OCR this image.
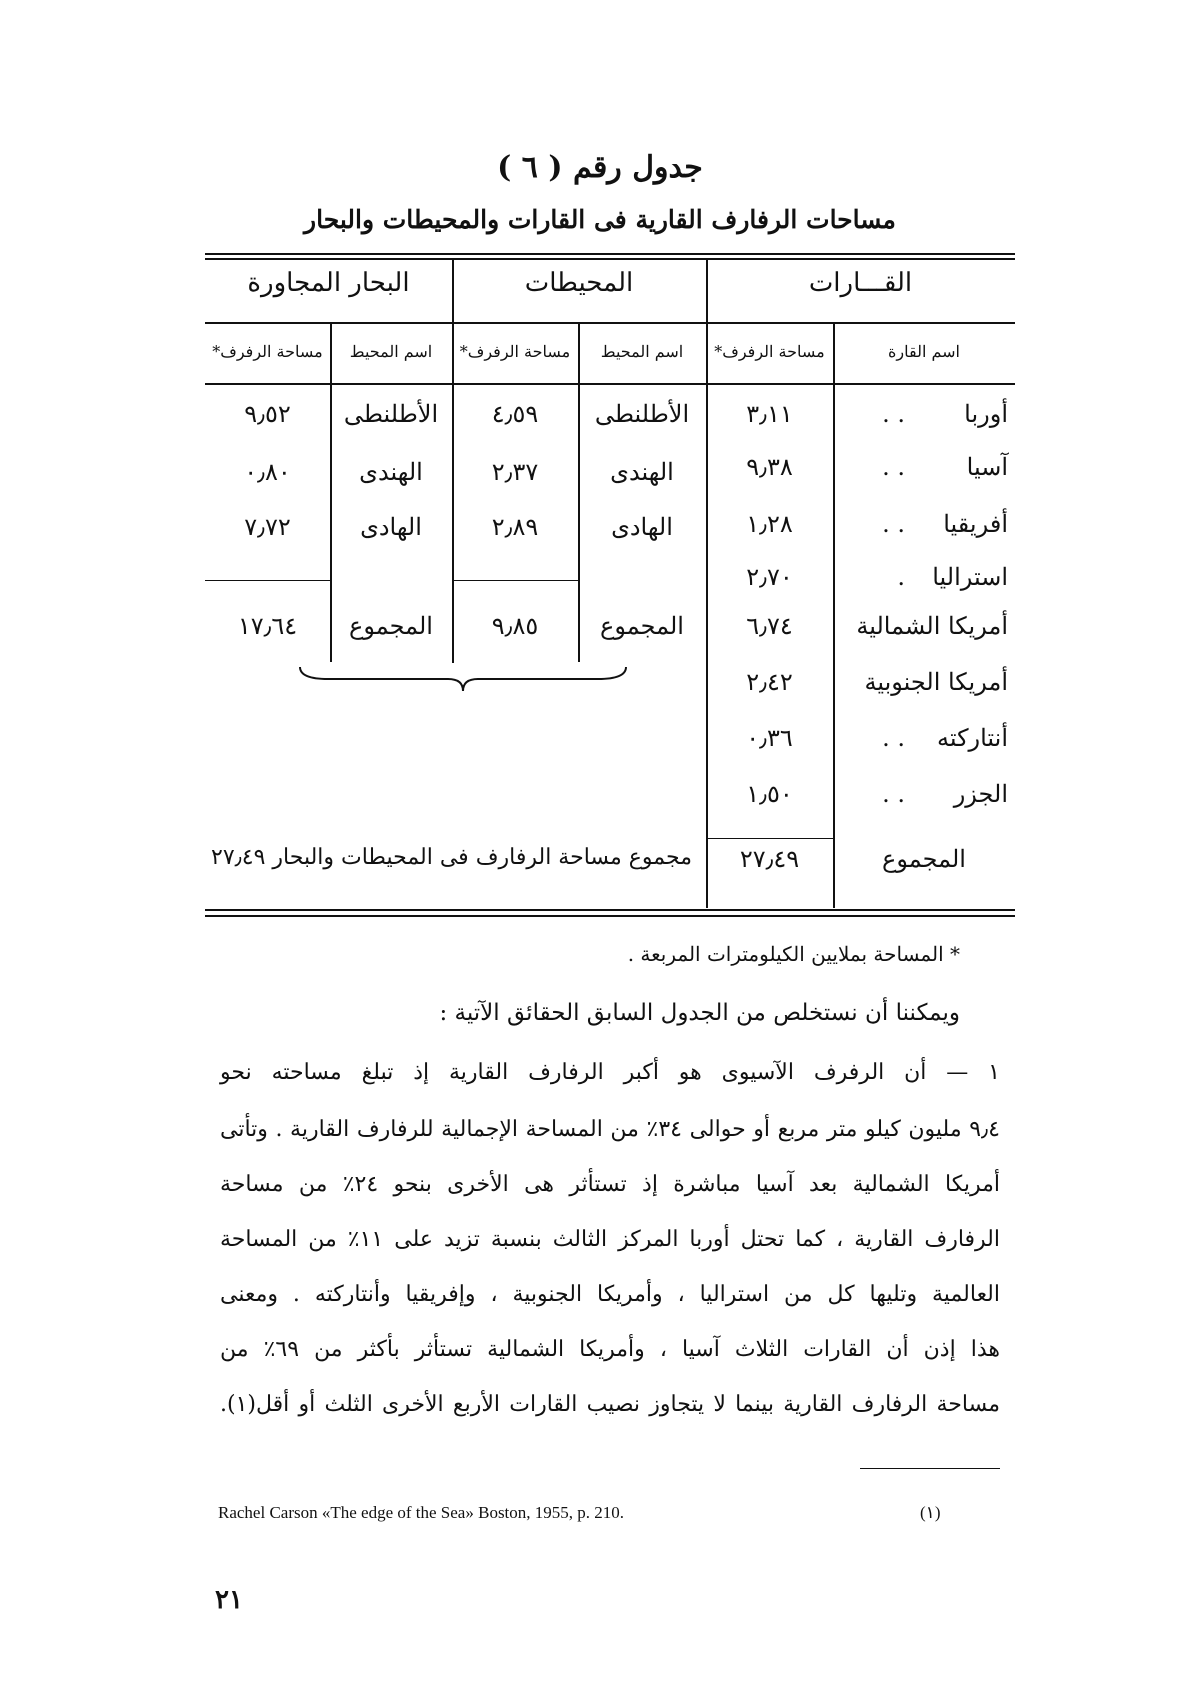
جدول رقم ( ٦ )
مساحات الرفارف القارية فى القارات والمحيطات والبحار
القـــارات
المحيطات
البحار المجاورة
اسم القارة
مساحة الرفرف*
اسم المحيط
مساحة الرفرف*
اسم المحيط
مساحة الرفرف*
أوربا
. .
٣٫١١
آسيا
. .
٩٫٣٨
أفريقيا
. .
١٫٢٨
استراليا
.
٢٫٧٠
أمريكا الشمالية
٦٫٧٤
أمريكا الجنوبية
٢٫٤٢
أنتاركته
. .
٠٫٣٦
الجزر
. .
١٫٥٠
المجموع
٢٧٫٤٩
الأطلنطى
٤٫٥٩
الهندى
٢٫٣٧
الهادى
٢٫٨٩
المجموع
٩٫٨٥
الأطلنطى
٩٫٥٢
الهندى
٠٫٨٠
الهادى
٧٫٧٢
المجموع
١٧٫٦٤
مجموع مساحة الرفارف فى المحيطات والبحار ٢٧٫٤٩
* المساحة بملايين الكيلومترات المربعة .
ويمكننا أن نستخلص من الجدول السابق الحقائق الآتية :
١ — أن الرفرف الآسيوى هو أكبر الرفارف القارية إذ تبلغ مساحته نحو
٩٫٤ مليون كيلو متر مربع أو حوالى ٣٤٪ من المساحة الإجمالية للرفارف القارية . وتأتى
أمريكا الشمالية بعد آسيا مباشرة إذ تستأثر هى الأخرى بنحو ٢٤٪ من مساحة
الرفارف القارية ، كما تحتل أوربا المركز الثالث بنسبة تزيد على ١١٪ من المساحة
العالمية وتليها كل من استراليا ، وأمريكا الجنوبية ، وإفريقيا وأنتاركته . ومعنى
هذا إذن أن القارات الثلاث آسيا ، وأمريكا الشمالية تستأثر بأكثر من ٦٩٪ من
مساحة الرفارف القارية بينما لا يتجاوز نصيب القارات الأربع الأخرى الثلث أو أقل(١).
Rachel Carson «The edge of the Sea» Boston, 1955, p. 210.	(١)
٢١
